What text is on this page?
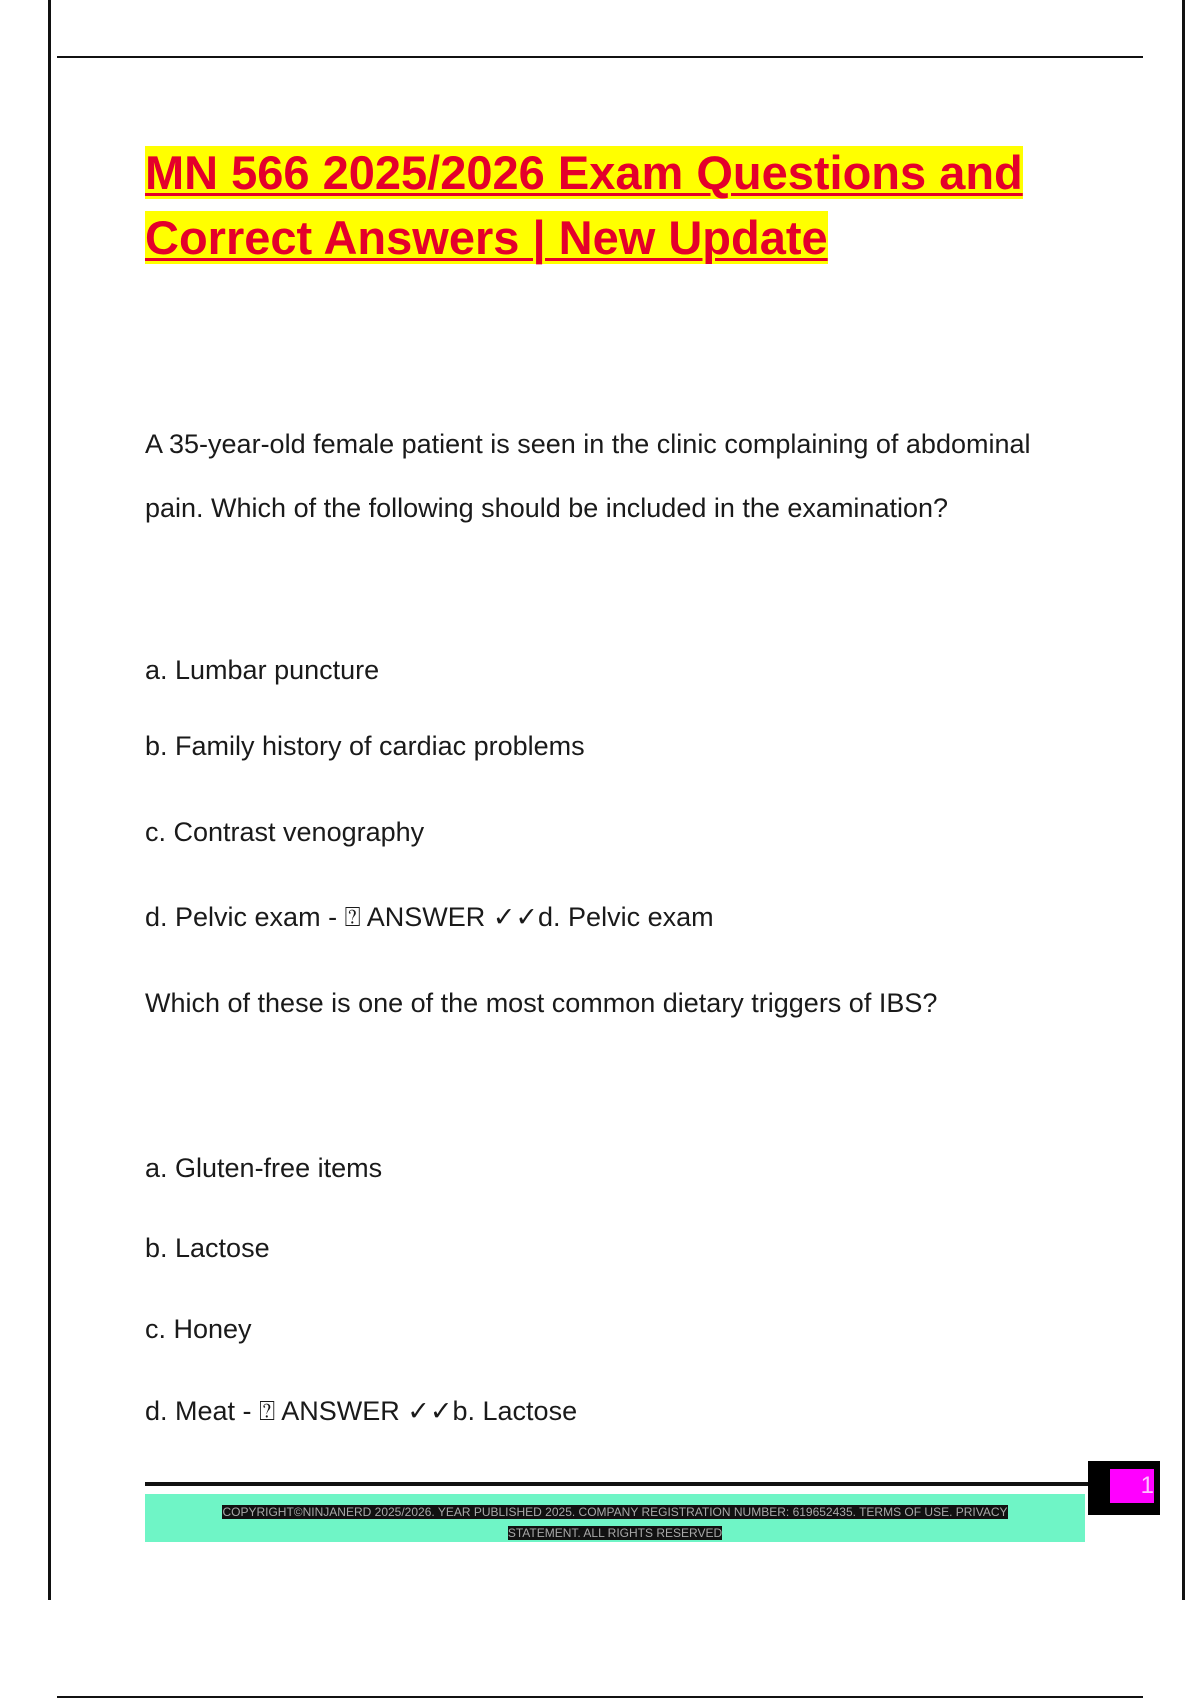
MN 566 2025/2026 Exam Questions and
Correct Answers | New Update
A 35-year-old female patient is seen in the clinic complaining of abdominal pain. Which of the following should be included in the examination?
a. Lumbar puncture
b. Family history of cardiac problems
c. Contrast venography
d. Pelvic exam - ⍰ ANSWER ✓✓d. Pelvic exam
Which of these is one of the most common dietary triggers of IBS?
a. Gluten-free items
b. Lactose
c. Honey
d. Meat - ⍰ ANSWER ✓✓b. Lactose
COPYRIGHT©NINJANERD 2025/2026. YEAR PUBLISHED 2025. COMPANY REGISTRATION NUMBER: 619652435. TERMS OF USE. PRIVACY
STATEMENT. ALL RIGHTS RESERVED
1
